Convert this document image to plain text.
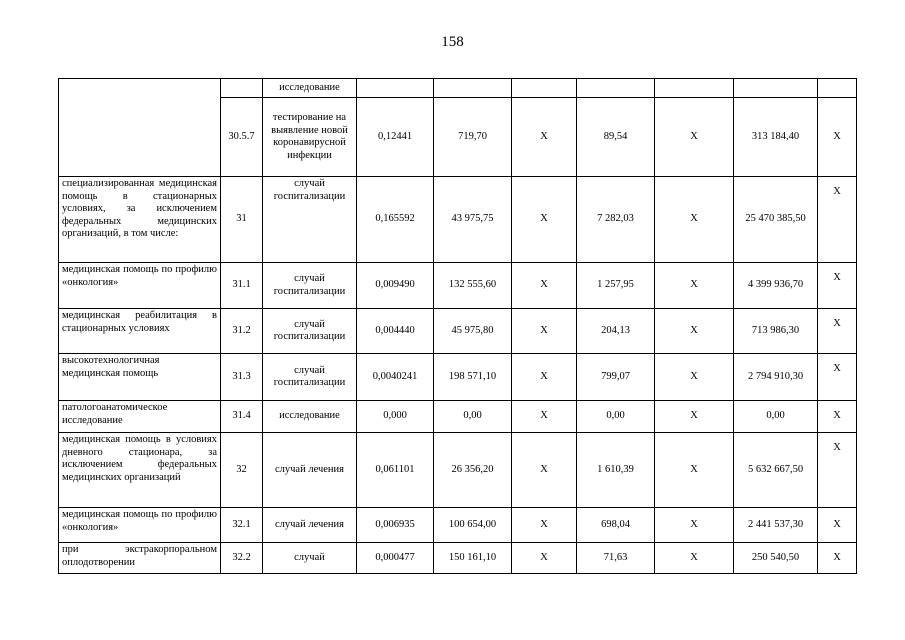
158
		исследование							
	30.5.7	тестирование на выявление новой коронавирусной инфекции	0,12441	719,70	Х	89,54	Х	313 184,40	Х
специализированная медицинская помощь в стационарных условиях, за исключением федеральных медицинских организаций, в том числе:	31	случай госпитализации	0,165592	43 975,75	Х	7 282,03	Х	25 470 385,50	Х
медицинская помощь по профилю «онкология»	31.1	случай госпитализации	0,009490	132 555,60	Х	1 257,95	Х	4 399 936,70	Х
медицинская реабилитация в стационарных условиях	31.2	случай госпитализации	0,004440	45 975,80	Х	204,13	Х	713 986,30	Х
высокотехнологичная медицинская помощь	31.3	случай госпитализации	0,0040241	198 571,10	Х	799,07	Х	2 794 910,30	Х
патологоанатомическое исследование	31.4	исследование	0,000	0,00	Х	0,00	Х	0,00	Х
медицинская помощь в условиях дневного стационара, за исключением федеральных медицинских организаций	32	случай лечения	0,061101	26 356,20	Х	1 610,39	Х	5 632 667,50	Х
медицинская помощь по профилю «онкология»	32.1	случай лечения	0,006935	100 654,00	Х	698,04	Х	2 441 537,30	Х
при экстракорпоральном оплодотворении	32.2	случай	0,000477	150 161,10	Х	71,63	Х	250 540,50	Х
